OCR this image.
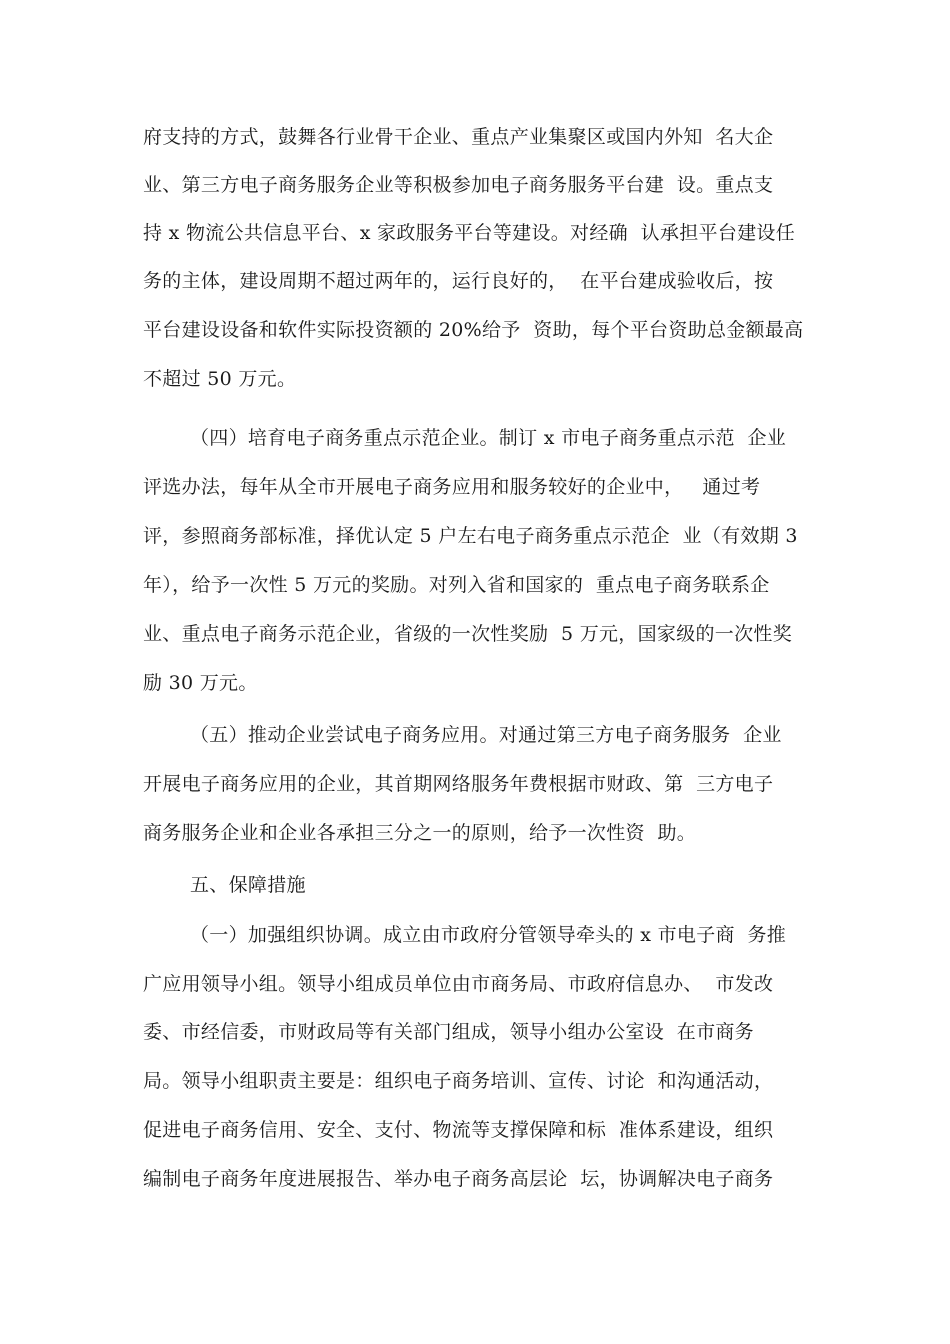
府支持的方式，鼓舞各行业骨干企业、重点产业集聚区或国内外知  名大企
业、第三方电子商务服务企业等积极参加电子商务服务平台建  设。重点支
持 x 物流公共信息平台、x 家政服务平台等建设。对经确  认承担平台建设任
务的主体，建设周期不超过两年的，运行良好的，  在平台建成验收后，按
平台建设设备和软件实际投资额的 20%给予  资助，每个平台资助总金额最高
不超过 50 万元。
（四）培育电子商务重点示范企业。制订 x 市电子商务重点示范  企业
评选办法，每年从全市开展电子商务应用和服务较好的企业中，   通过考
评，参照商务部标准，择优认定 5 户左右电子商务重点示范企  业（有效期 3
年），给予一次性 5 万元的奖励。对列入省和国家的  重点电子商务联系企
业、重点电子商务示范企业，省级的一次性奖励  5 万元，国家级的一次性奖
励 30 万元。
（五）推动企业尝试电子商务应用。对通过第三方电子商务服务  企业
开展电子商务应用的企业，其首期网络服务年费根据市财政、第  三方电子
商务服务企业和企业各承担三分之一的原则，给予一次性资  助。
五、保障措施
（一）加强组织协调。成立由市政府分管领导牵头的 x 市电子商  务推
广应用领导小组。领导小组成员单位由市商务局、市政府信息办、  市发改
委、市经信委，市财政局等有关部门组成，领导小组办公室设  在市商务
局。领导小组职责主要是：组织电子商务培训、宣传、讨论  和沟通活动，
促进电子商务信用、安全、支付、物流等支撑保障和标  准体系建设，组织
编制电子商务年度进展报告、举办电子商务高层论  坛，协调解决电子商务
